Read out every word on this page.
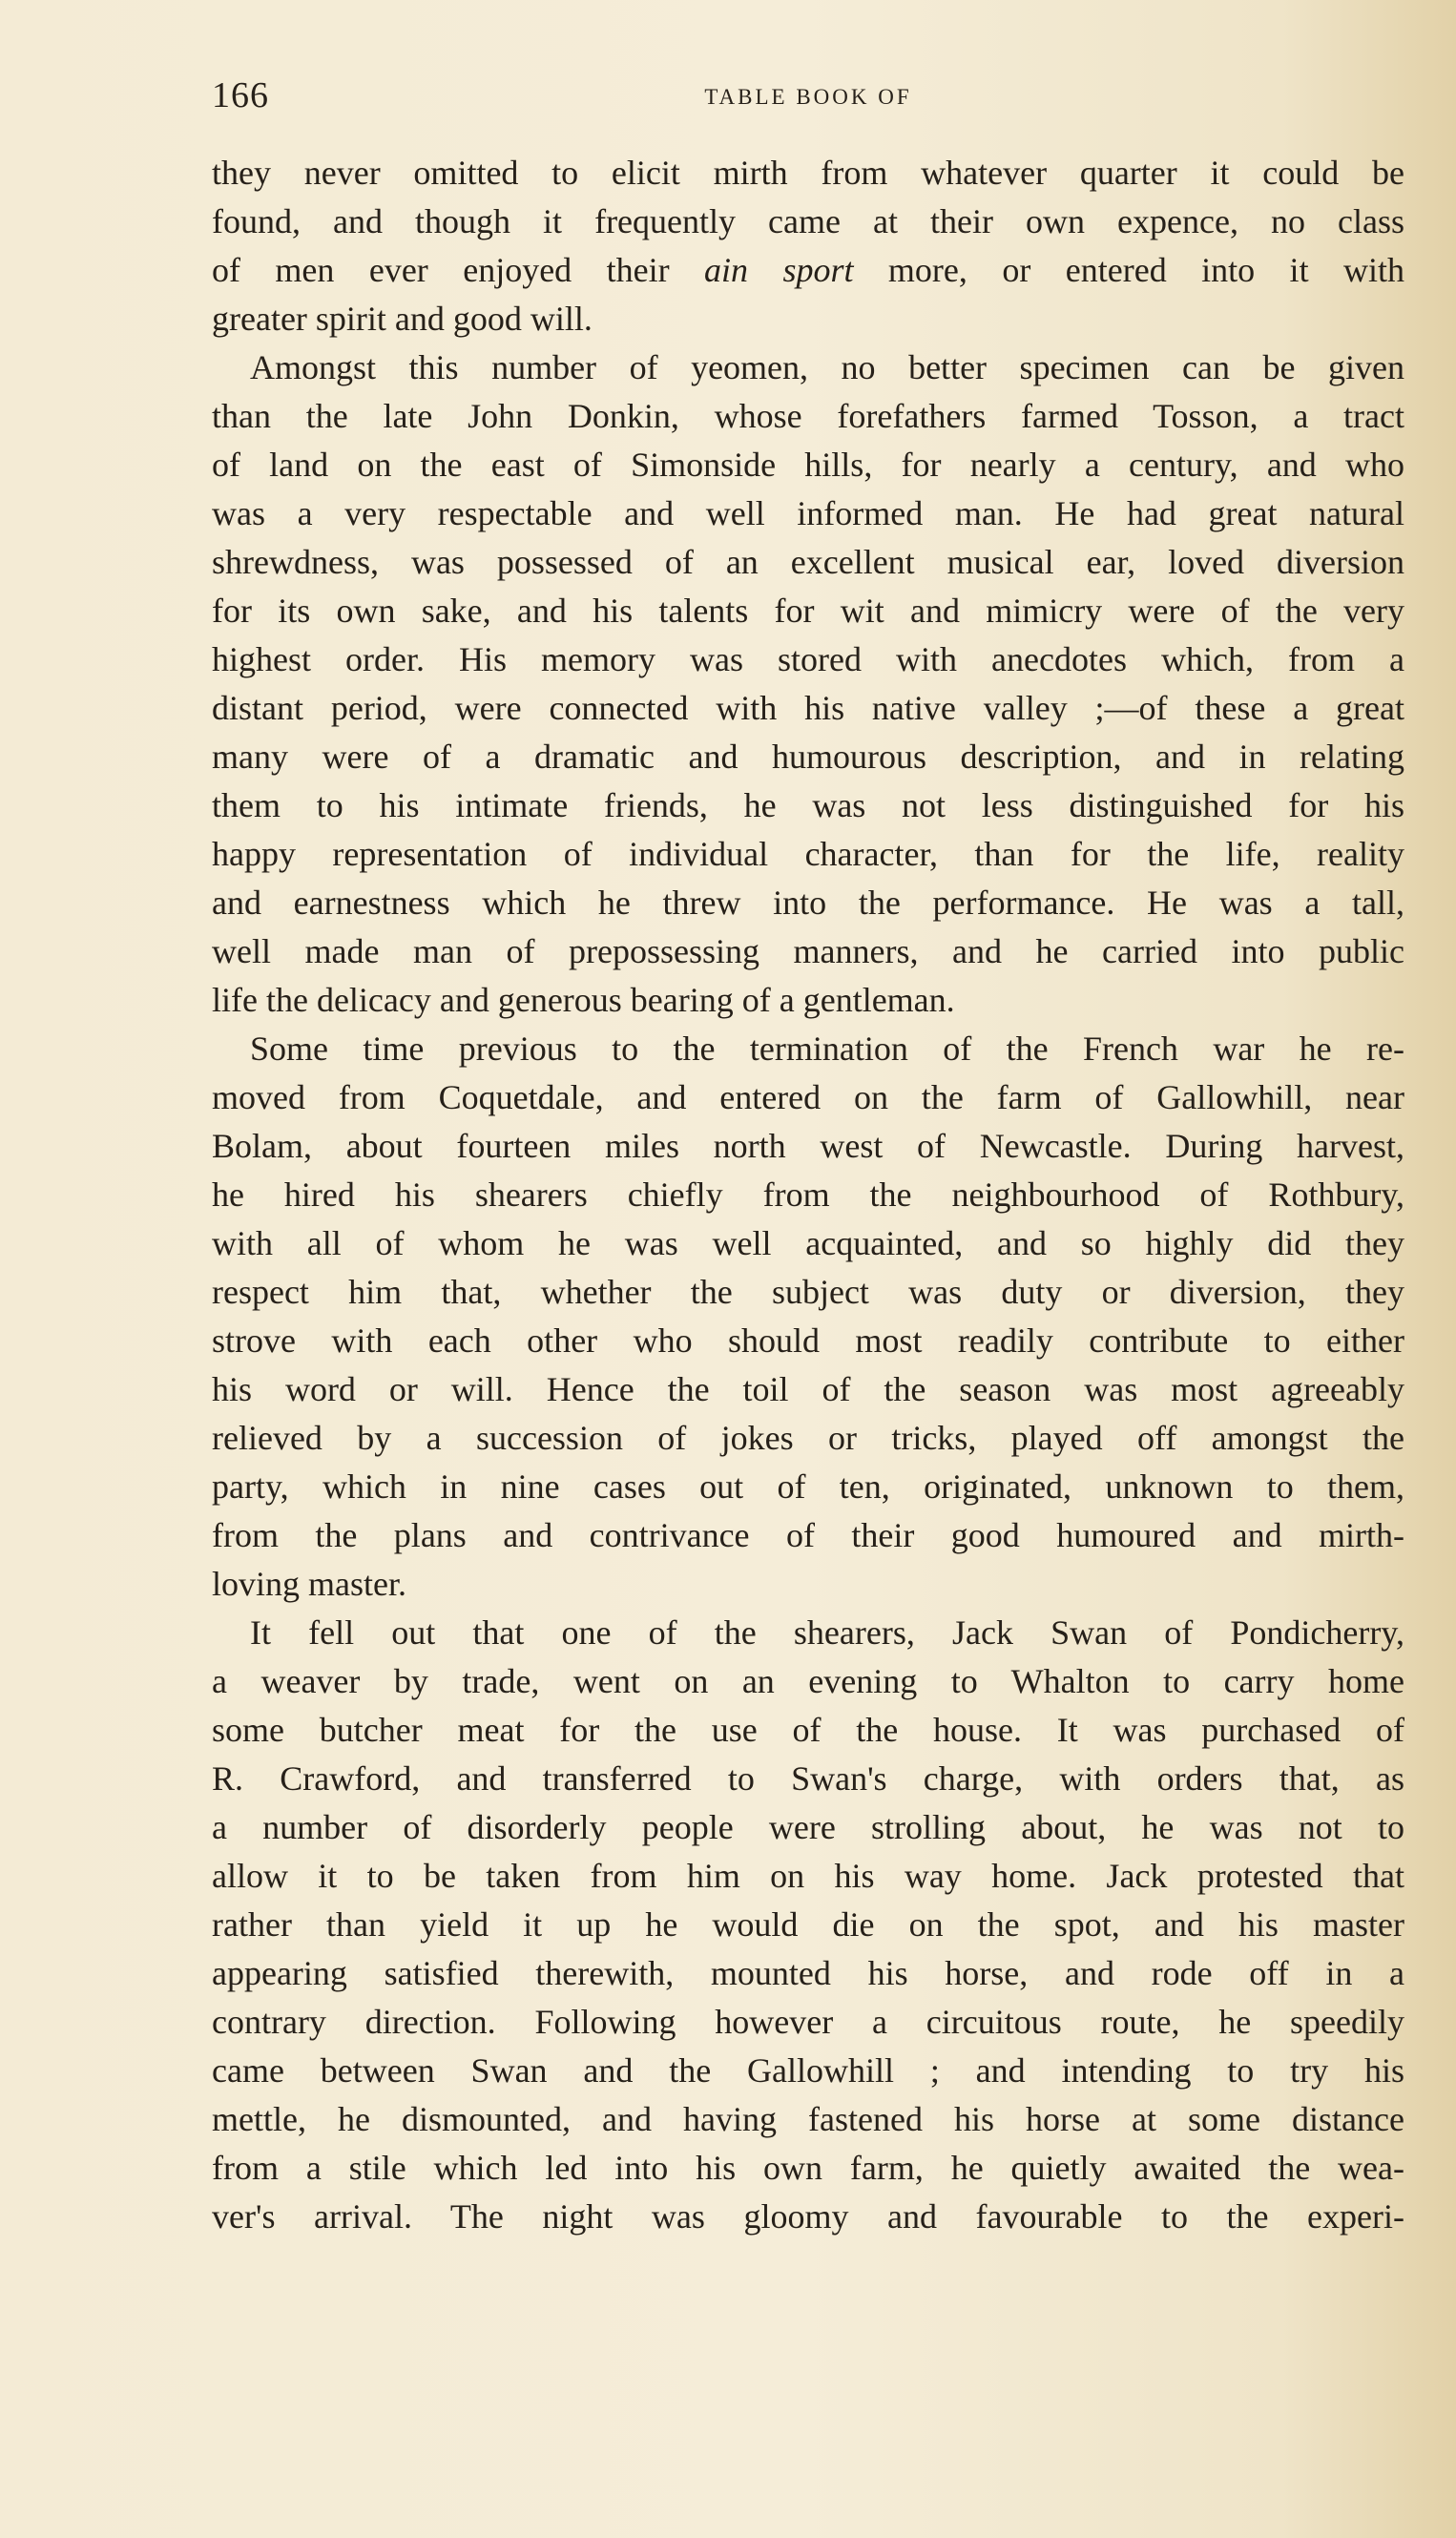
166	TABLE BOOK OF

they never omitted to elicit mirth from whatever quarter it could be
found, and though it frequently came at their own expence, no class
of men ever enjoyed their ain sport more, or entered into it with
greater spirit and good will.

Amongst this number of yeomen, no better specimen can be given
than the late John Donkin, whose forefathers farmed Tosson, a tract
of land on the east of Simonside hills, for nearly a century, and who
was a very respectable and well informed man. He had great natural
shrewdness, was possessed of an excellent musical ear, loved diversion
for its own sake, and his talents for wit and mimicry were of the very
highest order. His memory was stored with anecdotes which, from a
distant period, were connected with his native valley ;—of these a great
many were of a dramatic and humourous description, and in relating
them to his intimate friends, he was not less distinguished for his
happy representation of individual character, than for the life, reality
and earnestness which he threw into the performance. He was a tall,
well made man of prepossessing manners, and he carried into public
life the delicacy and generous bearing of a gentleman.

Some time previous to the termination of the French war he re-
moved from Coquetdale, and entered on the farm of Gallowhill, near
Bolam, about fourteen miles north west of Newcastle. During harvest,
he hired his shearers chiefly from the neighbourhood of Rothbury,
with all of whom he was well acquainted, and so highly did they
respect him that, whether the subject was duty or diversion, they
strove with each other who should most readily contribute to either
his word or will. Hence the toil of the season was most agreeably
relieved by a succession of jokes or tricks, played off amongst the
party, which in nine cases out of ten, originated, unknown to them,
from the plans and contrivance of their good humoured and mirth-
loving master.

It fell out that one of the shearers, Jack Swan of Pondicherry,
a weaver by trade, went on an evening to Whalton to carry home
some butcher meat for the use of the house. It was purchased of
R. Crawford, and transferred to Swan's charge, with orders that, as
a number of disorderly people were strolling about, he was not to
allow it to be taken from him on his way home. Jack protested that
rather than yield it up he would die on the spot, and his master
appearing satisfied therewith, mounted his horse, and rode off in a
contrary direction. Following however a circuitous route, he speedily
came between Swan and the Gallowhill ; and intending to try his
mettle, he dismounted, and having fastened his horse at some distance
from a stile which led into his own farm, he quietly awaited the wea-
ver's arrival. The night was gloomy and favourable to the experi-
